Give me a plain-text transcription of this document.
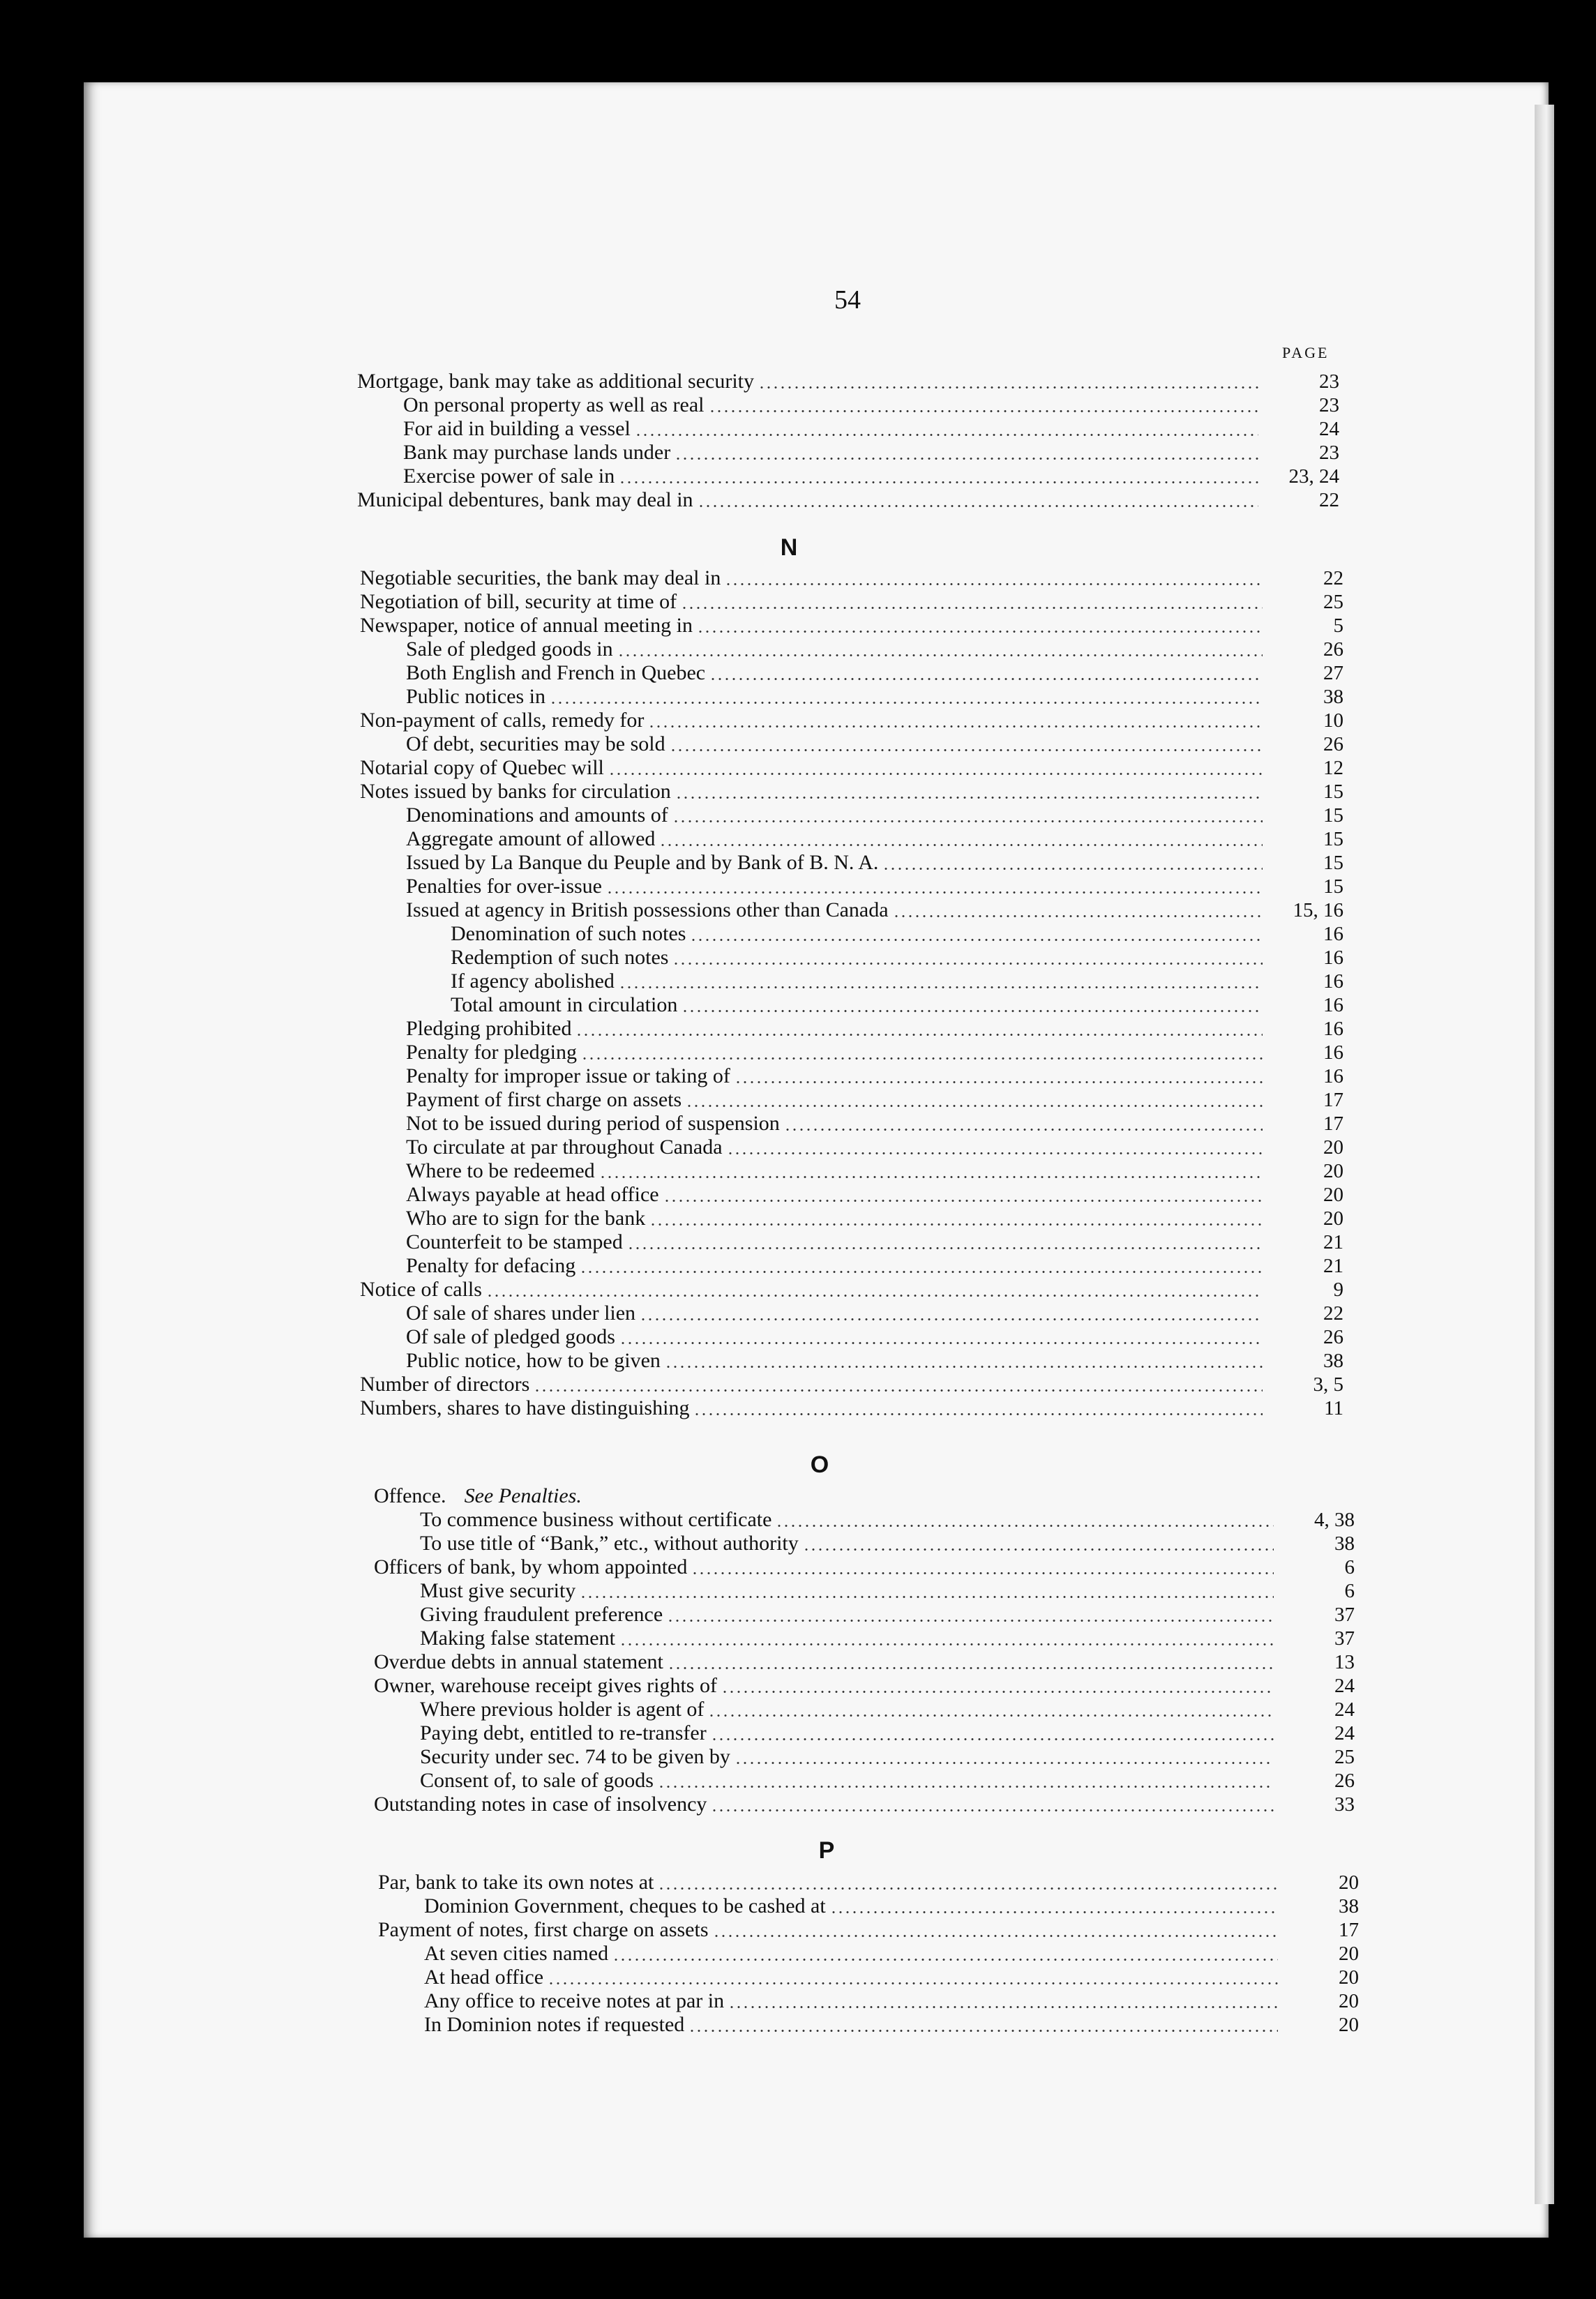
54
PAGE
Mortgage, bank may take as additional security	23
On personal property as well as real	23
For aid in building a vessel	24
Bank may purchase lands under	23
Exercise power of sale in	23, 24
Municipal debentures, bank may deal in	22
N
Negotiable securities, the bank may deal in	22
Negotiation of bill, security at time of	25
Newspaper, notice of annual meeting in	5
Sale of pledged goods in	26
Both English and French in Quebec	27
Public notices in	38
Non-payment of calls, remedy for	10
Of debt, securities may be sold	26
Notarial copy of Quebec will	12
Notes issued by banks for circulation	15
Denominations and amounts of	15
Aggregate amount of allowed	15
Issued by La Banque du Peuple and by Bank of B. N. A.	15
Penalties for over-issue	15
Issued at agency in British possessions other than Canada	15, 16
Denomination of such notes	16
Redemption of such notes	16
If agency abolished	16
Total amount in circulation	16
Pledging prohibited	16
Penalty for pledging	16
Penalty for improper issue or taking of	16
Payment of first charge on assets	17
Not to be issued during period of suspension	17
To circulate at par throughout Canada	20
Where to be redeemed	20
Always payable at head office	20
Who are to sign for the bank	20
Counterfeit to be stamped	21
Penalty for defacing	21
Notice of calls	9
Of sale of shares under lien	22
Of sale of pledged goods	26
Public notice, how to be given	38
Number of directors	3, 5
Numbers, shares to have distinguishing	11
O
Offence. See Penalties.
To commence business without certificate	4, 38
To use title of “Bank,” etc., without authority	38
Officers of bank, by whom appointed	6
Must give security	6
Giving fraudulent preference	37
Making false statement	37
Overdue debts in annual statement	13
Owner, warehouse receipt gives rights of	24
Where previous holder is agent of	24
Paying debt, entitled to re-transfer	24
Security under sec. 74 to be given by	25
Consent of, to sale of goods	26
Outstanding notes in case of insolvency	33
P
Par, bank to take its own notes at	20
Dominion Government, cheques to be cashed at	38
Payment of notes, first charge on assets	17
At seven cities named	20
At head office	20
Any office to receive notes at par in	20
In Dominion notes if requested	20
